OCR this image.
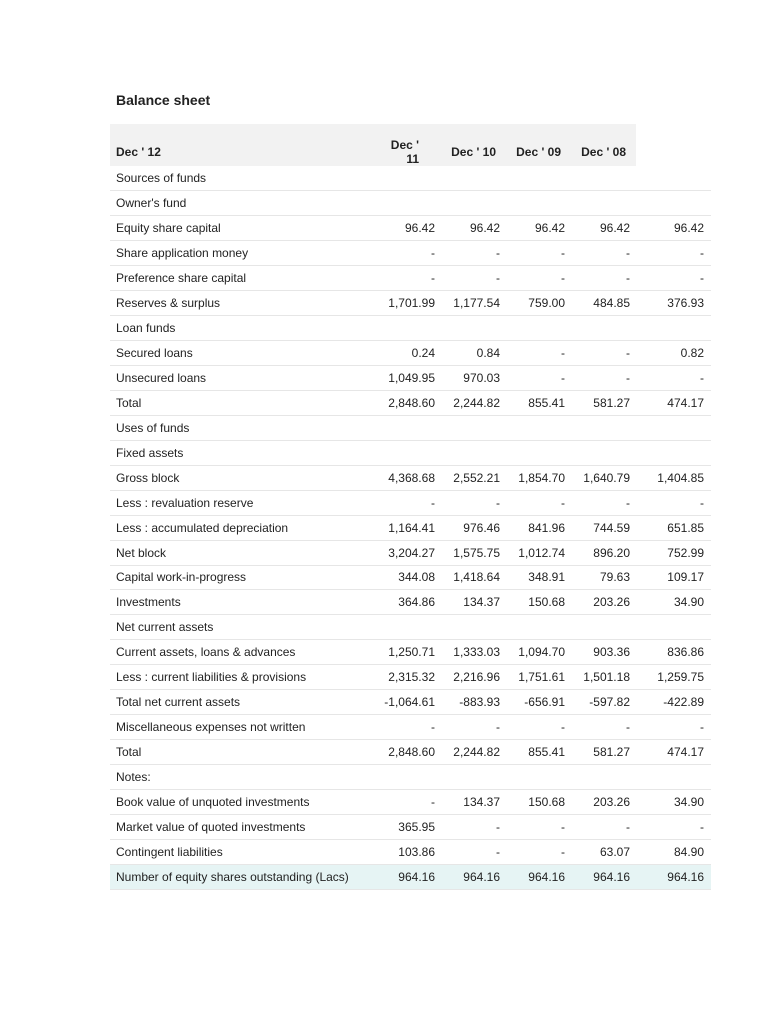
Balance sheet
Dec ' 12	Dec ' 11	Dec ' 10	Dec ' 09	Dec ' 08	
Sources of funds					
Owner's fund					
Equity share capital	96.42	96.42	96.42	96.42	96.42
Share application money	-	-	-	-	-
Preference share capital	-	-	-	-	-
Reserves & surplus	1,701.99	1,177.54	759.00	484.85	376.93
Loan funds					
Secured loans	0.24	0.84	-	-	0.82
Unsecured loans	1,049.95	970.03	-	-	-
Total	2,848.60	2,244.82	855.41	581.27	474.17
Uses of funds					
Fixed assets					
Gross block	4,368.68	2,552.21	1,854.70	1,640.79	1,404.85
Less : revaluation reserve	-	-	-	-	-
Less : accumulated depreciation	1,164.41	976.46	841.96	744.59	651.85
Net block	3,204.27	1,575.75	1,012.74	896.20	752.99
Capital work-in-progress	344.08	1,418.64	348.91	79.63	109.17
Investments	364.86	134.37	150.68	203.26	34.90
Net current assets					
Current assets, loans & advances	1,250.71	1,333.03	1,094.70	903.36	836.86
Less : current liabilities & provisions	2,315.32	2,216.96	1,751.61	1,501.18	1,259.75
Total net current assets	-1,064.61	-883.93	-656.91	-597.82	-422.89
Miscellaneous expenses not written	-	-	-	-	-
Total	2,848.60	2,244.82	855.41	581.27	474.17
Notes:					
Book value of unquoted investments	-	134.37	150.68	203.26	34.90
Market value of quoted investments	365.95	-	-	-	-
Contingent liabilities	103.86	-	-	63.07	84.90
Number of equity shares outstanding (Lacs)	964.16	964.16	964.16	964.16	964.16
